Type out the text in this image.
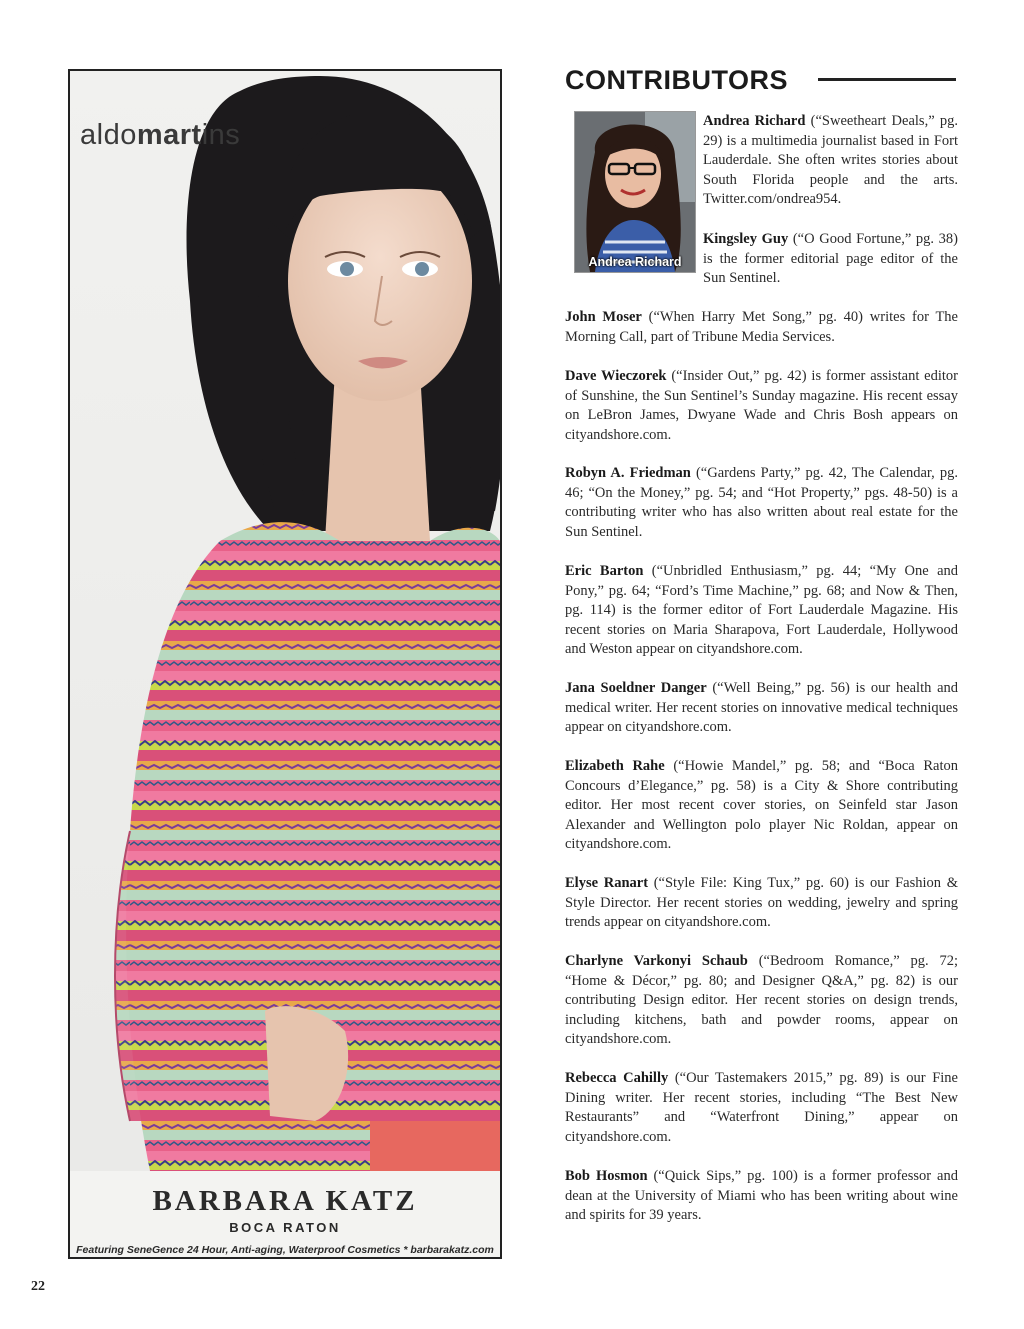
aldomartins
BARBARA KATZ
BOCA RATON
Featuring SeneGence 24 Hour, Anti-aging, Waterproof Cosmetics * barbarakatz.com
CONTRIBUTORS
Andrea Richard

Andrea Richard (“Sweetheart Deals,” pg. 29) is a multimedia journalist based in Fort Lauderdale. She often writes stories about South Florida people and the arts. Twitter.com/ondrea954.

Kingsley Guy (“O Good Fortune,” pg. 38) is the former editorial page editor of the Sun Sentinel.

John Moser (“When Harry Met Song,” pg. 40) writes for The Morning Call, part of Tribune Media Services.

Dave Wieczorek (“Insider Out,” pg. 42) is former assistant editor of Sunshine, the Sun Sentinel’s Sunday magazine. His recent essay on LeBron James, Dwyane Wade and Chris Bosh appears on cityandshore.com.

Robyn A. Friedman (“Gardens Party,” pg. 42, The Calendar, pg. 46; “On the Money,” pg. 54; and “Hot Property,” pgs. 48-50) is a contributing writer who has also written about real estate for the Sun Sentinel.

Eric Barton (“Unbridled Enthusiasm,” pg. 44; “My One and Pony,” pg. 64; “Ford’s Time Machine,” pg. 68; and Now & Then, pg. 114) is the former editor of Fort Lauderdale Magazine. His recent stories on Maria Sharapova, Fort Lauderdale, Hollywood and Weston appear on cityandshore.com.

Jana Soeldner Danger (“Well Being,” pg. 56) is our health and medical writer. Her recent stories on innovative medical techniques appear on cityandshore.com.

Elizabeth Rahe (“Howie Mandel,” pg. 58; and “Boca Raton Concours d’Elegance,” pg. 58) is a City & Shore contributing editor. Her most recent cover stories, on Seinfeld star Jason Alexander and Wellington polo player Nic Roldan, appear on cityandshore.com.

Elyse Ranart (“Style File: King Tux,” pg. 60) is our Fashion & Style Director. Her recent stories on wedding, jewelry and spring trends appear on cityandshore.com.

Charlyne Varkonyi Schaub (“Bedroom Romance,” pg. 72; “Home & Décor,” pg. 80; and Designer Q&A,” pg. 82) is our contributing Design editor. Her recent stories on design trends, including kitchens, bath and powder rooms, appear on cityandshore.com.

Rebecca Cahilly (“Our Tastemakers 2015,” pg. 89) is our Fine Dining writer. Her recent stories, including “The Best New Restaurants” and “Waterfront Dining,” appear on cityandshore.com.

Bob Hosmon (“Quick Sips,” pg. 100) is a former professor and dean at the University of Miami who has been writing about wine and spirits for 39 years.

22
